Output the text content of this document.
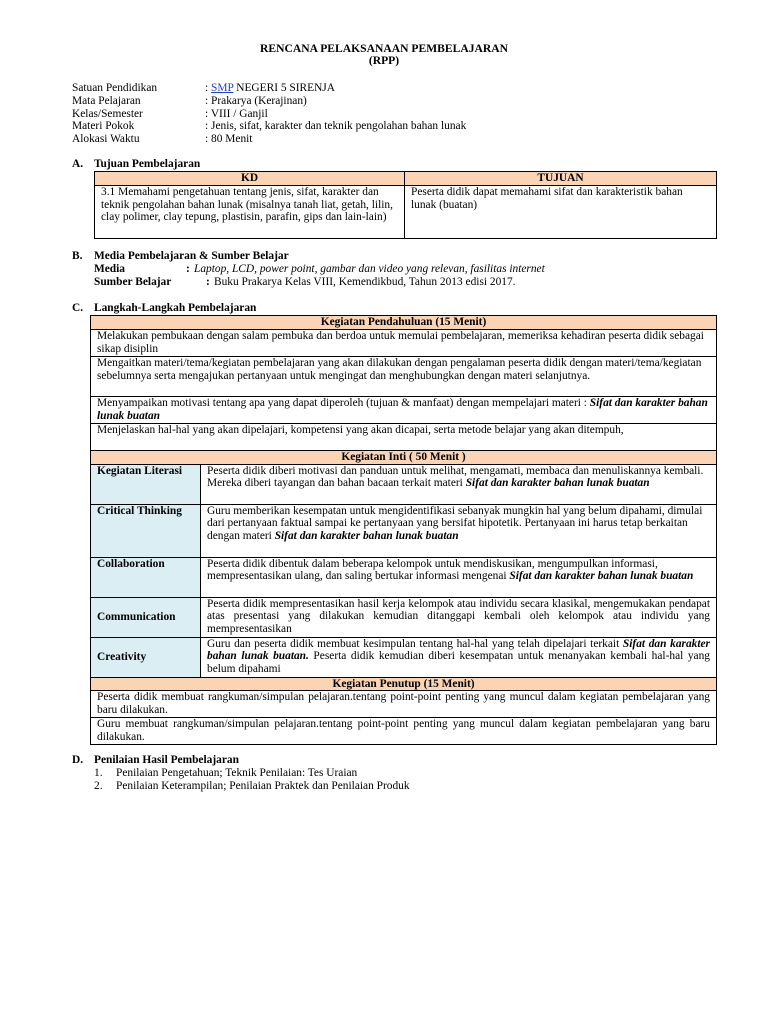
RENCANA PELAKSANAAN PEMBELAJARAN
(RPP)
Satuan Pendidikan	: SMP NEGERI 5 SIRENJA
Mata Pelajaran	: Prakarya (Kerajinan)
Kelas/Semester	: VIII / Ganjil
Materi Pokok	: Jenis, sifat, karakter dan teknik pengolahan bahan lunak
Alokasi Waktu	: 80 Menit
A. Tujuan Pembelajaran
KD	TUJUAN
3.1 Memahami pengetahuan tentang jenis, sifat, karakter dan teknik pengolahan bahan lunak (misalnya tanah liat, getah, lilin, clay polimer, clay tepung, plastisin, parafin, gips dan lain-lain)	Peserta didik dapat memahami sifat dan karakteristik bahan lunak (buatan)
B.	Media Pembelajaran & Sumber Belajar
Media	: Laptop, LCD, power point, gambar dan video yang relevan, fasilitas internet
Sumber Belajar	: Buku Prakarya Kelas VIII, Kemendikbud, Tahun 2013 edisi 2017.
C. Langkah-Langkah Pembelajaran
Kegiatan Pendahuluan (15 Menit)	
Melakukan pembukaan dengan salam pembuka dan berdoa untuk memulai pembelajaran, memeriksa kehadiran peserta didik sebagai sikap disiplin	
Mengaitkan materi/tema/kegiatan pembelajaran yang akan dilakukan dengan pengalaman peserta didik dengan materi/tema/kegiatan sebelumnya serta mengajukan pertanyaan untuk mengingat dan menghubungkan dengan materi selanjutnya.	
Menyampaikan motivasi tentang apa yang dapat diperoleh (tujuan & manfaat) dengan mempelajari materi : Sifat dan karakter bahan lunak buatan	
Menjelaskan hal-hal yang akan dipelajari, kompetensi yang akan dicapai, serta metode belajar yang akan ditempuh,	
Kegiatan Inti ( 50 Menit )	
Kegiatan Literasi	Peserta didik diberi motivasi dan panduan untuk melihat, mengamati, membaca dan menuliskannya kembali. Mereka diberi tayangan dan bahan bacaan terkait materi Sifat dan karakter bahan lunak buatan
Critical Thinking	Guru memberikan kesempatan untuk mengidentifikasi sebanyak mungkin hal yang belum dipahami, dimulai dari pertanyaan faktual sampai ke pertanyaan yang bersifat hipotetik. Pertanyaan ini harus tetap berkaitan dengan materi Sifat dan karakter bahan lunak buatan
Collaboration	Peserta didik dibentuk dalam beberapa kelompok untuk mendiskusikan, mengumpulkan informasi, mempresentasikan ulang, dan saling bertukar informasi mengenai Sifat dan karakter bahan lunak buatan
Communication	Peserta didik mempresentasikan hasil kerja kelompok atau individu secara klasikal, mengemukakan pendapat atas presentasi yang dilakukan kemudian ditanggapi kembali oleh kelompok atau individu yang mempresentasikan
Creativity	Guru dan peserta didik membuat kesimpulan tentang hal-hal yang telah dipelajari terkait Sifat dan karakter bahan lunak buatan. Peserta didik kemudian diberi kesempatan untuk menanyakan kembali hal-hal yang belum dipahami
Kegiatan Penutup (15 Menit)	
Peserta didik membuat rangkuman/simpulan pelajaran.tentang point-point penting yang muncul dalam kegiatan pembelajaran yang baru dilakukan.	
Guru membuat rangkuman/simpulan pelajaran.tentang point-point penting yang muncul dalam kegiatan pembelajaran yang baru dilakukan.	
D. Penilaian Hasil Pembelajaran
1.	Penilaian Pengetahuan; Teknik Penilaian: Tes Uraian
2.	Penilaian Keterampilan; Penilaian Praktek dan Penilaian Produk
